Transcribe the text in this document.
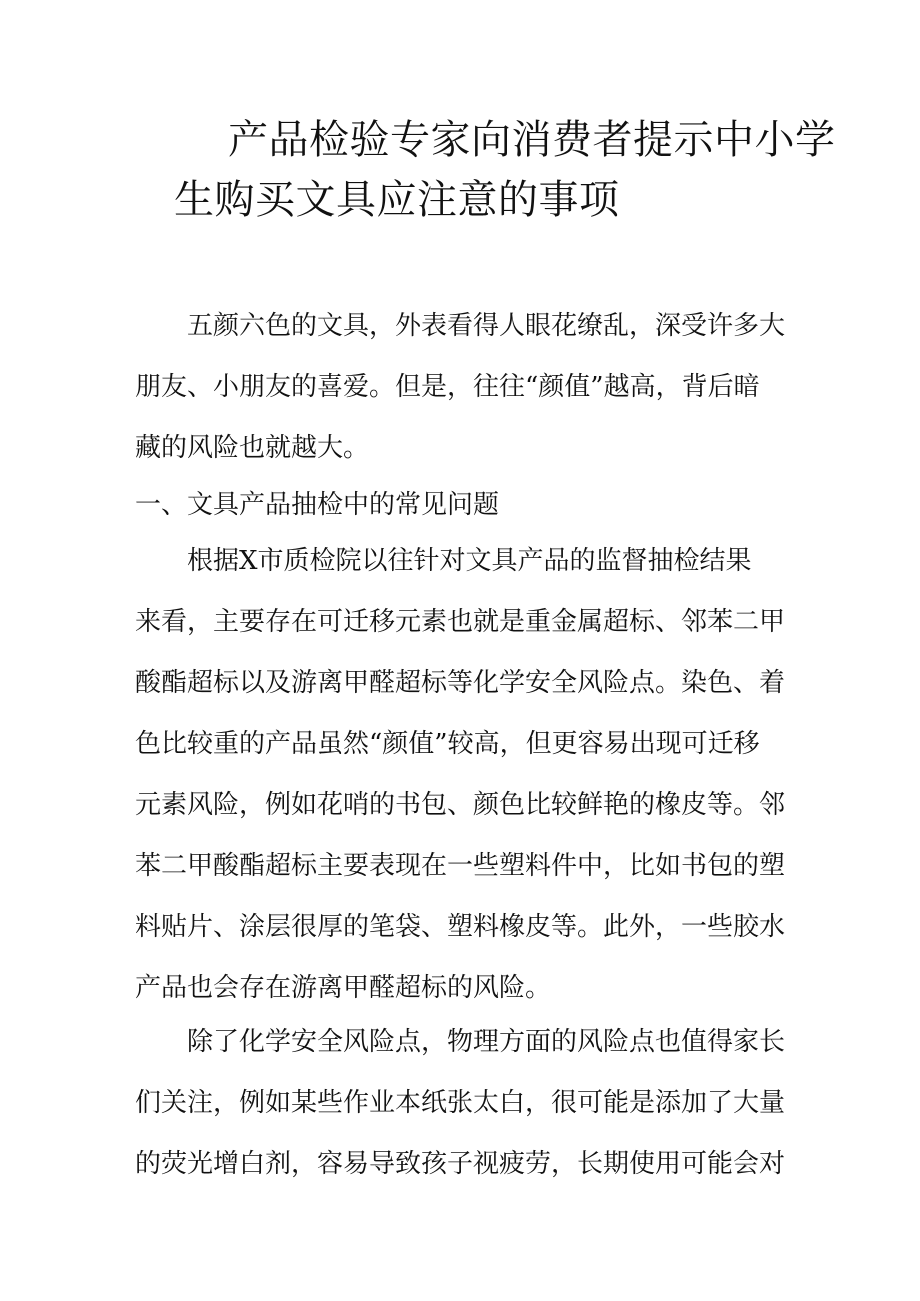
产品检验专家向消费者提示中小学
生购买文具应注意的事项
　　五颜六色的文具，外表看得人眼花缭乱，深受许多大
朋友、小朋友的喜爱。但是，往往“颜值”越高，背后暗
藏的风险也就越大。
一、文具产品抽检中的常见问题
　　根据X市质检院以往针对文具产品的监督抽检结果
来看，主要存在可迁移元素也就是重金属超标、邻苯二甲
酸酯超标以及游离甲醛超标等化学安全风险点。染色、着
色比较重的产品虽然“颜值”较高，但更容易出现可迁移
元素风险，例如花哨的书包、颜色比较鲜艳的橡皮等。邻
苯二甲酸酯超标主要表现在一些塑料件中，比如书包的塑
料贴片、涂层很厚的笔袋、塑料橡皮等。此外，一些胶水
产品也会存在游离甲醛超标的风险。
　　除了化学安全风险点，物理方面的风险点也值得家长
们关注，例如某些作业本纸张太白，很可能是添加了大量
的荧光增白剂，容易导致孩子视疲劳，长期使用可能会对
